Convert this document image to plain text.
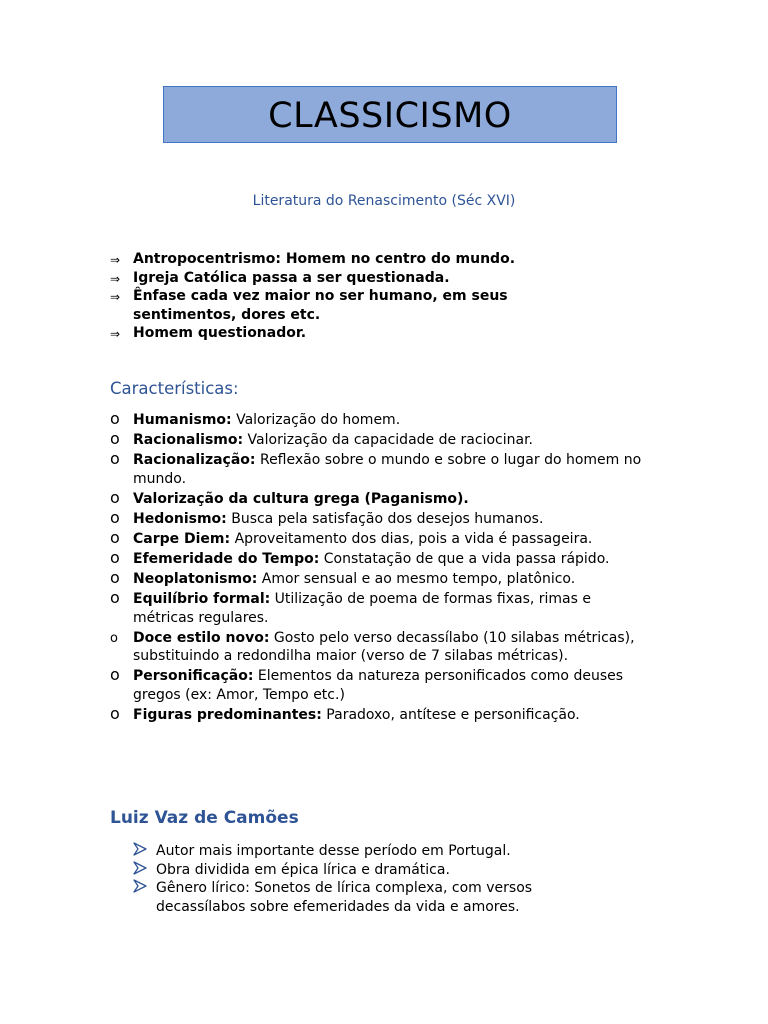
CLASSICISMO
Literatura do Renascimento (Séc XVI)
⇒ Antropocentrismo: Homem no centro do mundo.
⇒ Igreja Católica passa a ser questionada.
⇒ Ênfase cada vez maior no ser humano, em seus sentimentos, dores etc.
⇒ Homem questionador.
Características:
o Humanismo: Valorização do homem.
o Racionalismo: Valorização da capacidade de raciocinar.
o Racionalização: Reflexão sobre o mundo e sobre o lugar do homem no mundo.
o Valorização da cultura grega (Paganismo).
o Hedonismo: Busca pela satisfação dos desejos humanos.
o Carpe Diem: Aproveitamento dos dias, pois a vida é passageira.
o Efemeridade do Tempo: Constatação de que a vida passa rápido.
o Neoplatonismo: Amor sensual e ao mesmo tempo, platônico.
o Equilíbrio formal: Utilização de poema de formas fixas, rimas e métricas regulares.
o Doce estilo novo: Gosto pelo verso decassílabo (10 silabas métricas), substituindo a redondilha maior (verso de 7 silabas métricas).
o Personificação: Elementos da natureza personificados como deuses gregos (ex: Amor, Tempo etc.)
o Figuras predominantes: Paradoxo, antítese e personificação.
Luiz Vaz de Camões
Autor mais importante desse período em Portugal.
Obra dividida em épica lírica e dramática.
Gênero lírico: Sonetos de lírica complexa, com versos decassílabos sobre efemeridades da vida e amores.
